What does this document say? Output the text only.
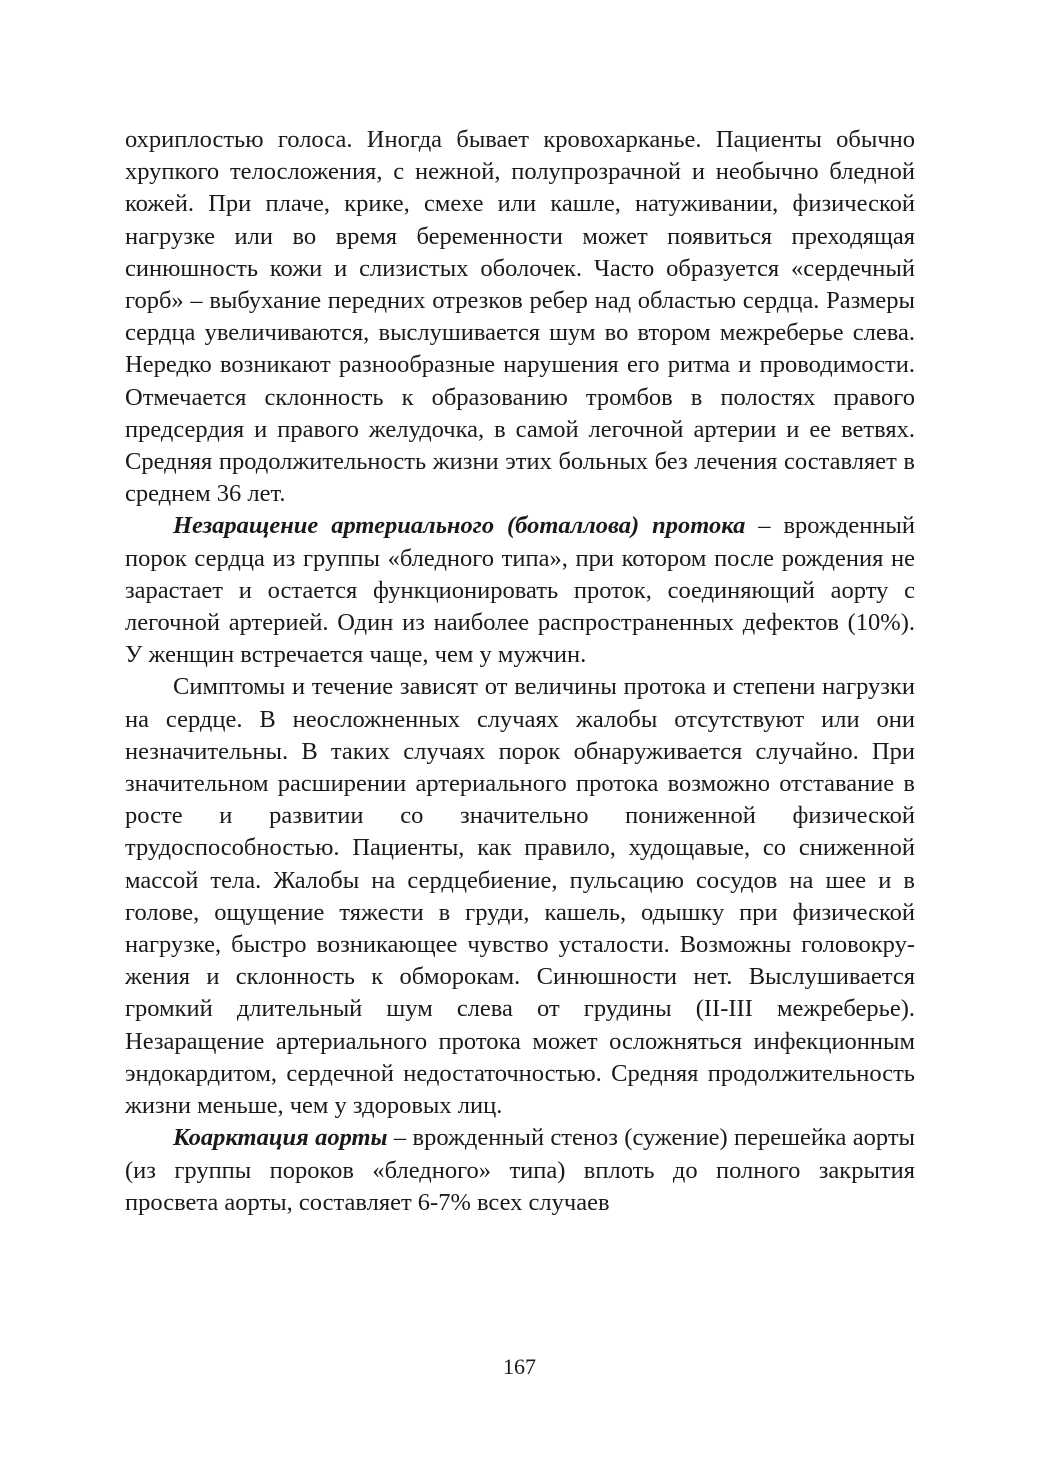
охриплостью голоса. Иногда бывает кровохарканье. Пациенты обычно хрупкого телосложения, с нежной, полупрозрачной и необычно бледной кожей. При плаче, крике, смехе или кашле, натуживании, физической нагрузке или во время беременности может появиться преходящая синюшность кожи и слизистых оболочек. Часто образуется «сердечный горб» – выбухание передних отрезков ребер над областью сердца. Размеры сердца увеличиваются, выслушивается шум во втором межреберье слева. Нередко возникают разнообразные нарушения его ритма и проводимости. Отмечается склонность к образованию тромбов в полостях правого предсердия и правого желудочка, в самой легочной артерии и ее ветвях. Средняя продолжительность жизни этих больных без лечения составляет в среднем 36 лет.

Незаращение артериального (боталлова) протока – врожденный порок сердца из группы «бледного типа», при котором после рождения не зарастает и остается функционировать проток, соединяющий аорту с легочной артерией. Один из наиболее распространенных дефектов (10%). У женщин встречается чаще, чем у мужчин.

Симптомы и течение зависят от величины протока и степени нагрузки на сердце. В неосложненных случаях жалобы отсутствуют или они незначительны. В таких случаях порок обнаруживается случайно. При значительном расширении артериального протока возможно отставание в росте и развитии со значительно пониженной физической трудоспособностью. Пациенты, как правило, худощавые, со сниженной массой тела. Жалобы на сердцебиение, пульсацию сосудов на шее и в голове, ощущение тяжести в груди, кашель, одышку при физической нагрузке, быстро возникающее чувство усталости. Возможны головокружения и склонность к обморокам. Синюшности нет. Выслушивается громкий длительный шум слева от грудины (II-III межреберье). Незаращение артериального протока может осложняться инфекционным эндокардитом, сердечной недостаточностью. Средняя продолжительность жизни меньше, чем у здоровых лиц.

Коарктация аорты – врожденный стеноз (сужение) перешейка аорты (из группы пороков «бледного» типа) вплоть до полного закрытия просвета аорты, составляет 6-7% всех случаев

167
